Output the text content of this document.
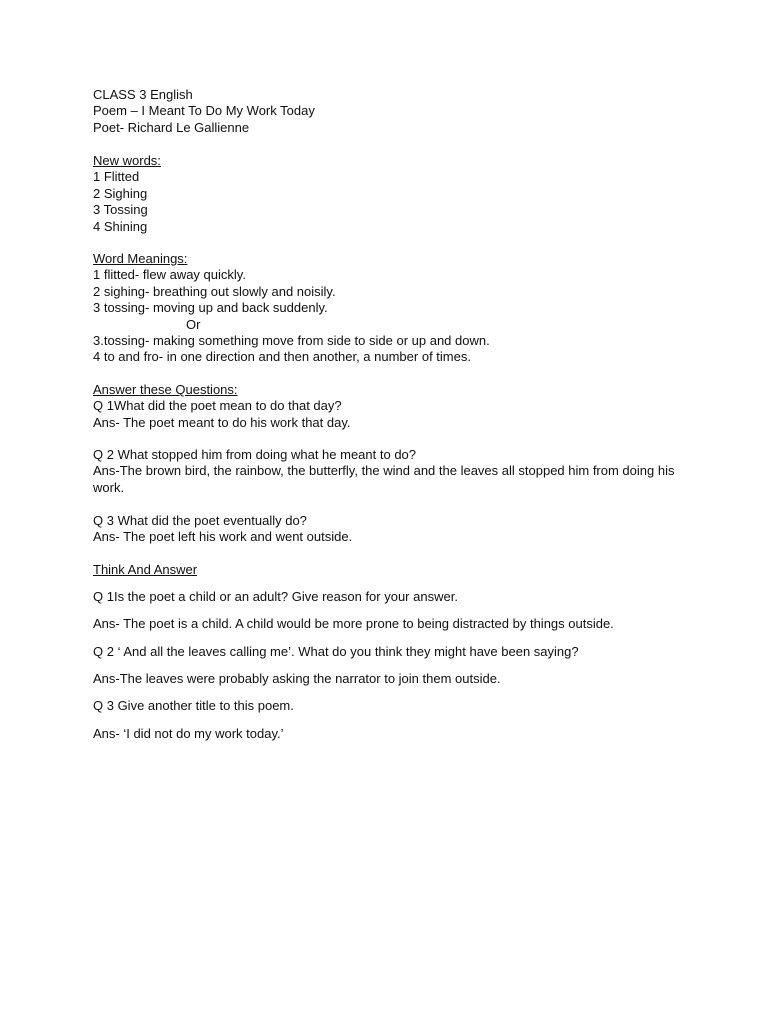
CLASS 3 English
Poem – I Meant To Do My Work Today
Poet- Richard Le Gallienne
New words:
1 Flitted
2 Sighing
3 Tossing
4 Shining
Word Meanings:
1 flitted- flew away quickly.
2 sighing- breathing out slowly and noisily.
3 tossing- moving up and back suddenly.
Or
3.tossing- making something move from side to side or up and down.
4 to and fro- in one direction and then another, a number of times.
Answer these Questions:
Q 1What did the poet mean to do that day?
Ans- The poet meant to do his work that day.
Q 2 What stopped him from doing what he meant to do?
Ans-The brown bird, the rainbow, the butterfly, the wind and the leaves all stopped him from doing his work.
Q 3 What did the poet eventually do?
Ans- The poet left his work and went outside.
Think And Answer
Q 1Is the poet a child or an adult? Give reason for your answer.
Ans- The poet is a child. A child would be more prone to being distracted by things outside.
Q 2 ‘ And all the leaves calling me’. What do you think they might have been saying?
Ans-The leaves were probably asking the narrator to join them outside.
Q 3 Give another title to this poem.
Ans- ‘I did not do my work today.’
